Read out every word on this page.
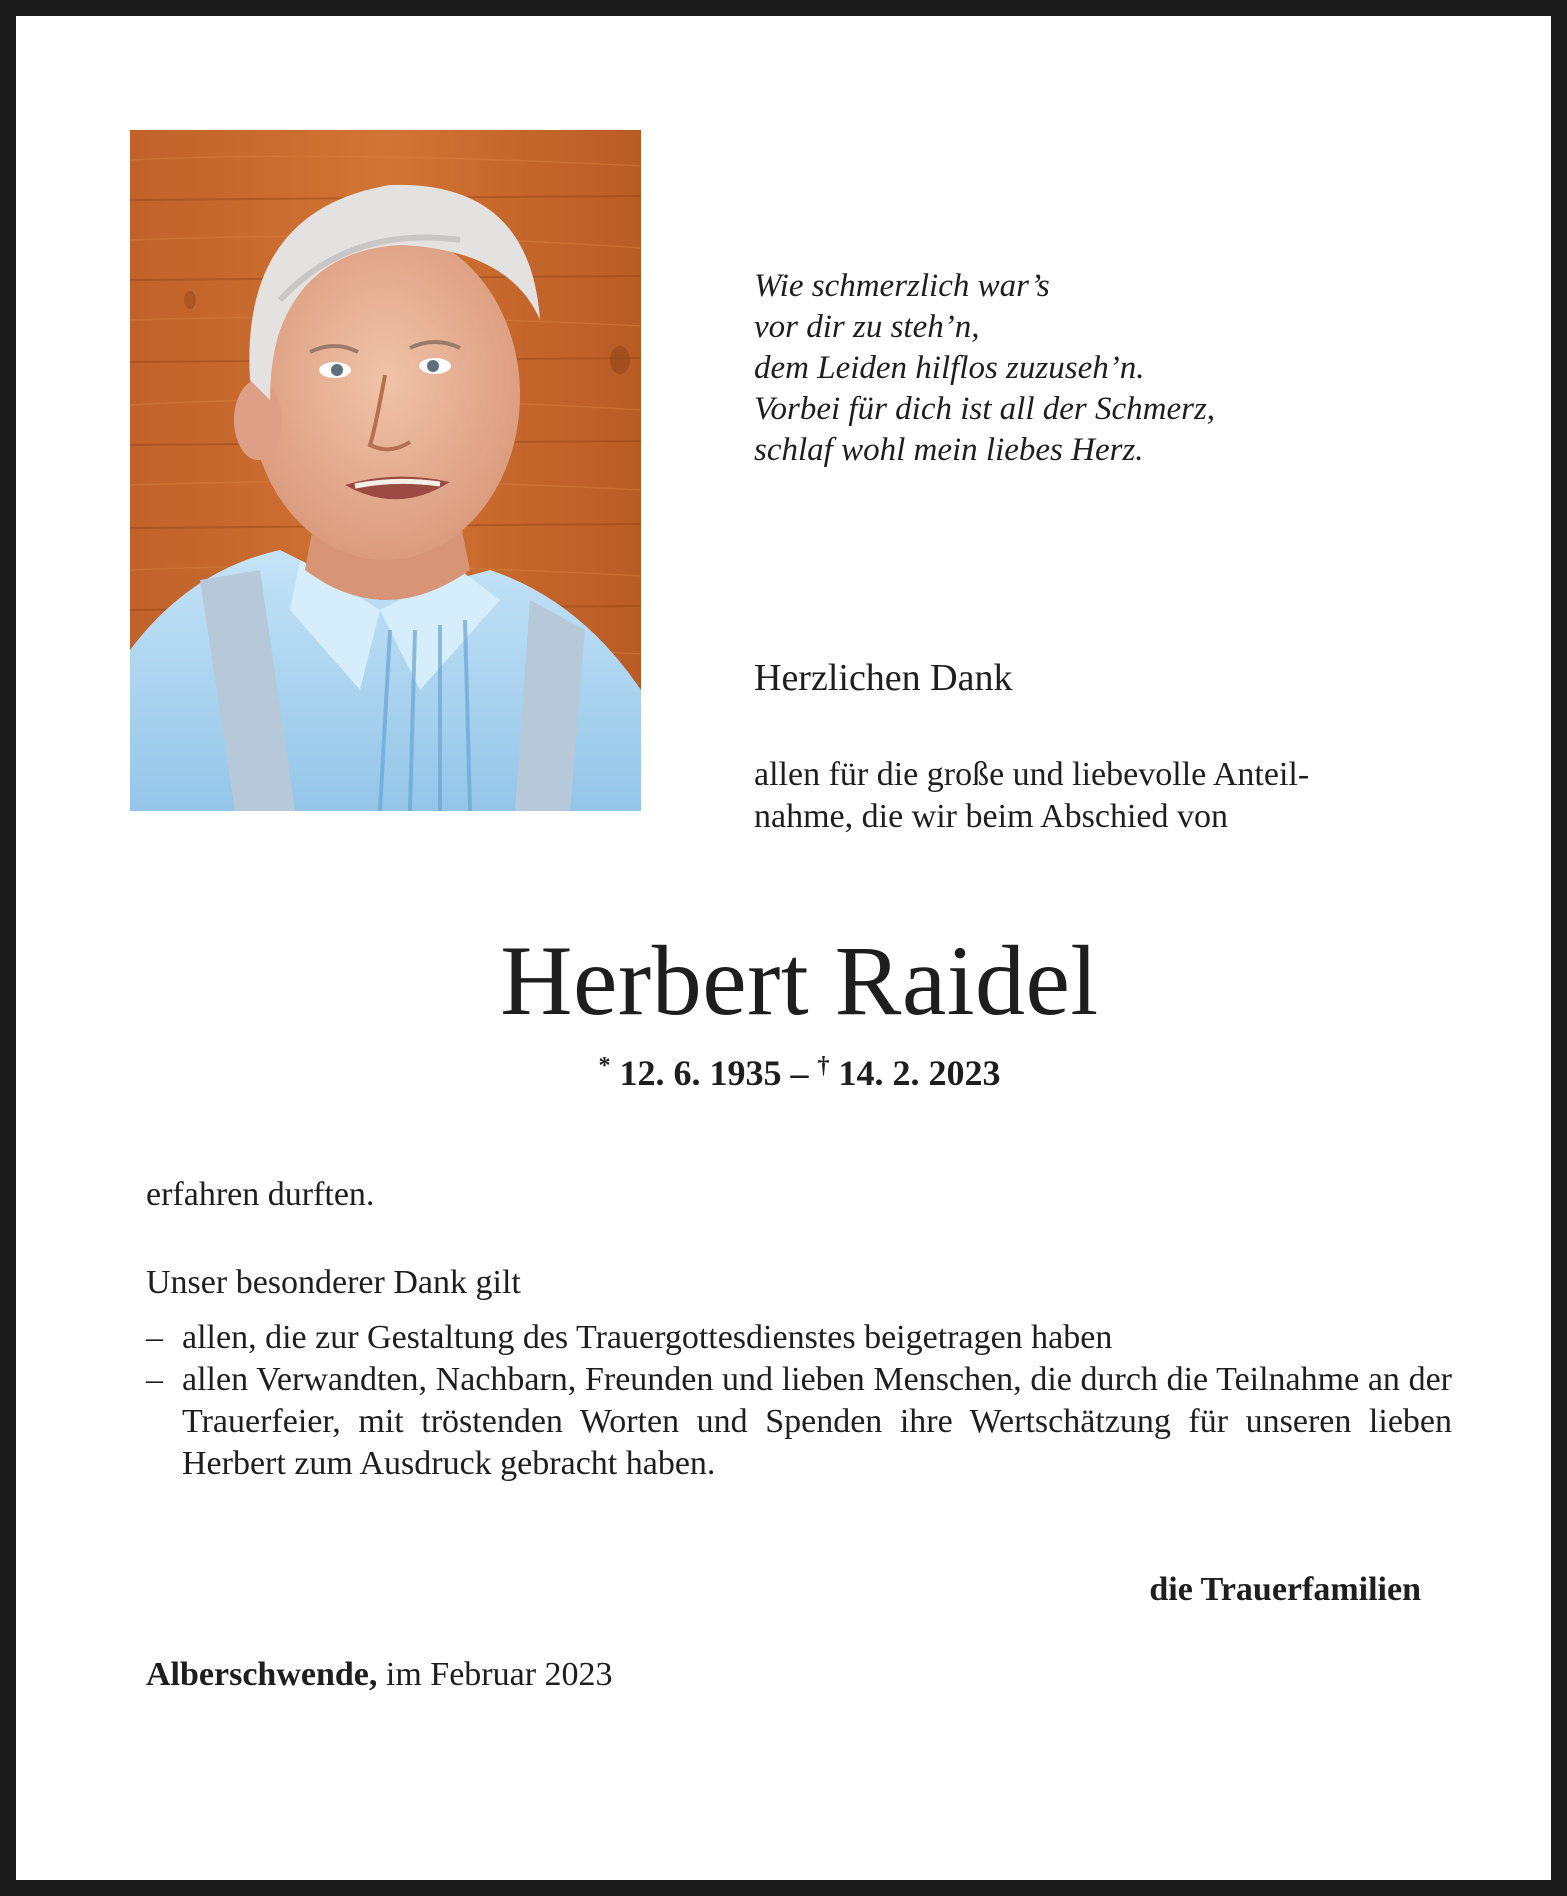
Wie schmerzlich war’s
vor dir zu steh’n,
dem Leiden hilflos zuzuseh’n.
Vorbei für dich ist all der Schmerz,
schlaf wohl mein liebes Herz.
Herzlichen Dank
allen für die große und liebevolle Anteil-
nahme, die wir beim Abschied von
Herbert Raidel
* 12. 6. 1935 – † 14. 2. 2023
erfahren durften.
Unser besonderer Dank gilt
– allen, die zur Gestaltung des Trauergottesdienstes beigetragen haben
– allen Verwandten, Nachbarn, Freunden und lieben Menschen, die durch die Teilnahme an der Trauerfeier, mit tröstenden Worten und Spenden ihre Wertschätzung für unseren lieben Herbert zum Ausdruck gebracht haben.
die Trauerfamilien
Alberschwende, im Februar 2023
